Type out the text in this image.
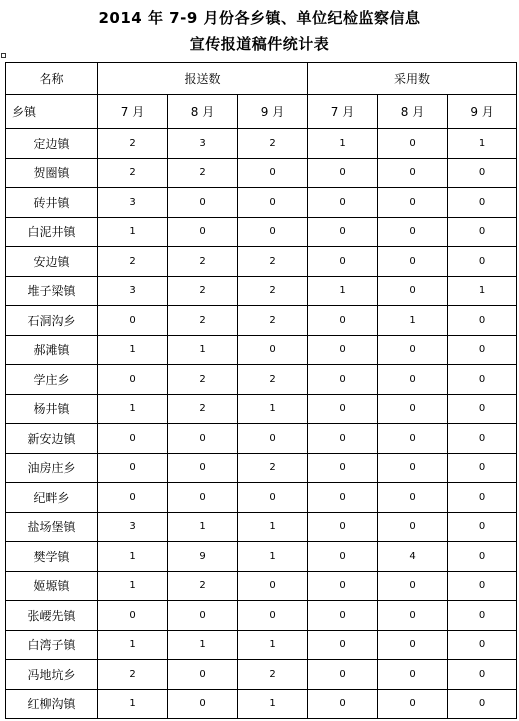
2014 年 7-9 月份各乡镇、单位纪检监察信息
宣传报道稿件统计表
名称	报送数			采用数		
乡镇	7 月	8 月	9 月	7 月	8 月	9 月
定边镇	2	3	2	1	0	1
贺圈镇	2	2	0	0	0	0
砖井镇	3	0	0	0	0	0
白泥井镇	1	0	0	0	0	0
安边镇	2	2	2	0	0	0
堆子梁镇	3	2	2	1	0	1
石洞沟乡	0	2	2	0	1	0
郝滩镇	1	1	0	0	0	0
学庄乡	0	2	2	0	0	0
杨井镇	1	2	1	0	0	0
新安边镇	0	0	0	0	0	0
油房庄乡	0	0	2	0	0	0
纪畔乡	0	0	0	0	0	0
盐场堡镇	3	1	1	0	0	0
樊学镇	1	9	1	0	4	0
姬塬镇	1	2	0	0	0	0
张崾先镇	0	0	0	0	0	0
白湾子镇	1	1	1	0	0	0
冯地坑乡	2	0	2	0	0	0
红柳沟镇	1	0	1	0	0	0
